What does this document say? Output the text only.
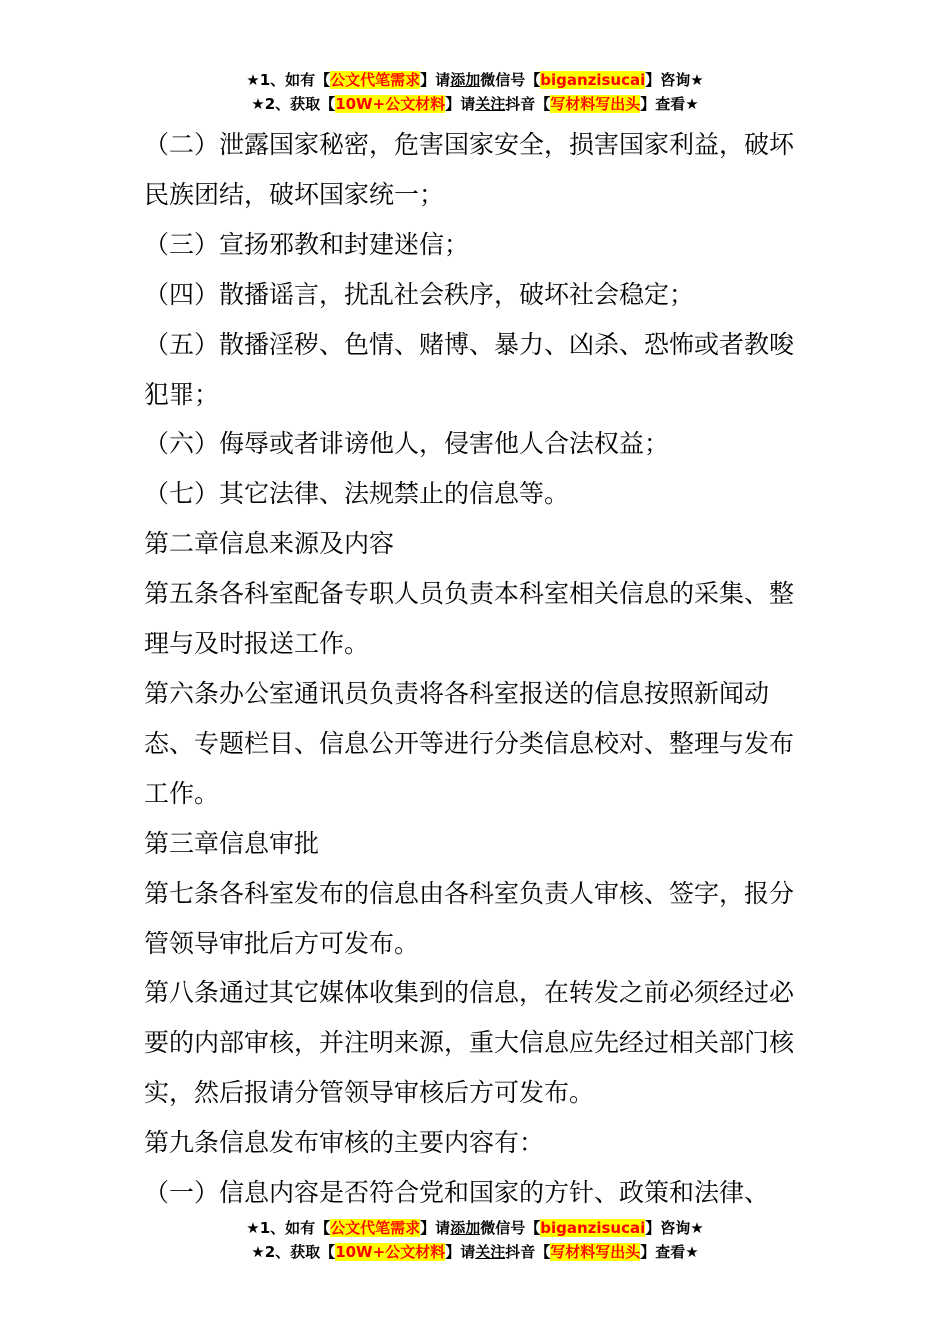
★1、如有【公文代笔需求】请添加微信号【biganzisucai】咨询★
★2、获取【10W+公文材料】请关注抖音【写材料写出头】查看★

（二）泄露国家秘密，危害国家安全，损害国家利益，破坏民族团结，破坏国家统一；

（三）宣扬邪教和封建迷信；

（四）散播谣言，扰乱社会秩序，破坏社会稳定；

（五）散播淫秽、色情、赌博、暴力、凶杀、恐怖或者教唆犯罪；

（六）侮辱或者诽谤他人，侵害他人合法权益；

（七）其它法律、法规禁止的信息等。

第二章信息来源及内容

第五条各科室配备专职人员负责本科室相关信息的采集、整理与及时报送工作。

第六条办公室通讯员负责将各科室报送的信息按照新闻动态、专题栏目、信息公开等进行分类信息校对、整理与发布工作。

第三章信息审批

第七条各科室发布的信息由各科室负责人审核、签字，报分管领导审批后方可发布。

第八条通过其它媒体收集到的信息，在转发之前必须经过必要的内部审核，并注明来源，重大信息应先经过相关部门核实，然后报请分管领导审核后方可发布。

第九条信息发布审核的主要内容有：

（一）信息内容是否符合党和国家的方针、政策和法律、

★1、如有【公文代笔需求】请添加微信号【biganzisucai】咨询★
★2、获取【10W+公文材料】请关注抖音【写材料写出头】查看★
